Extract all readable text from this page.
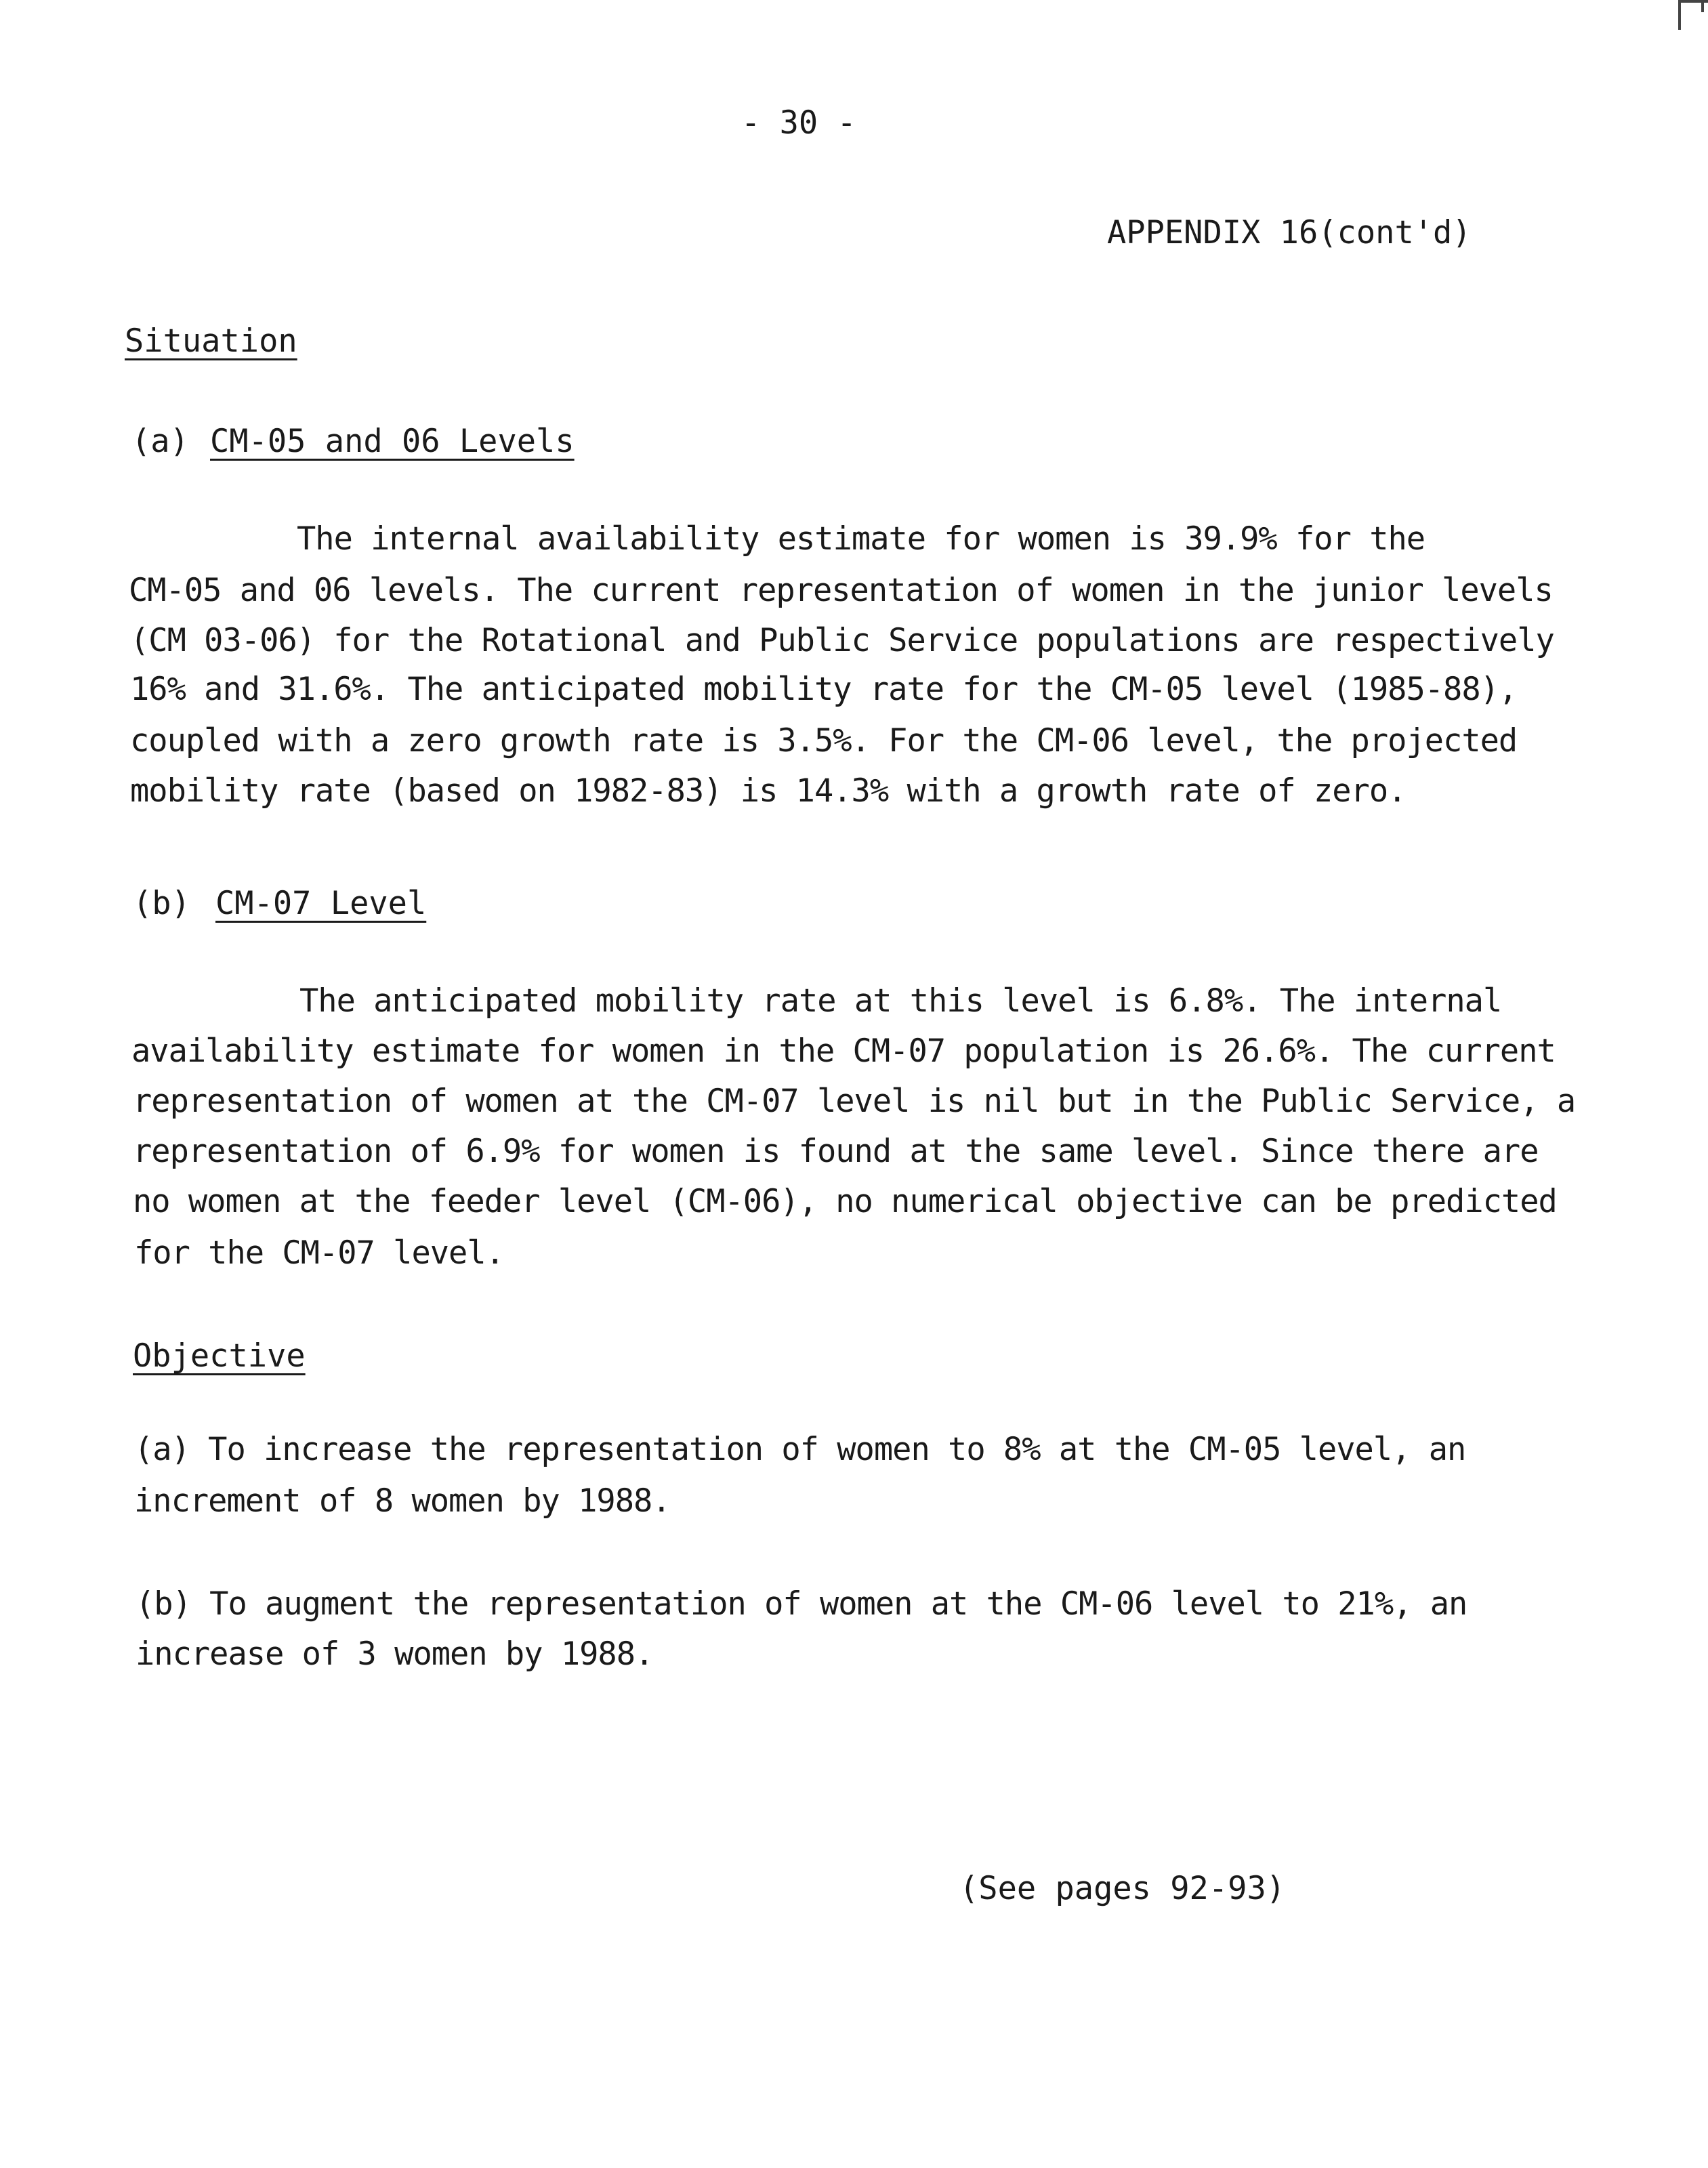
- 30 -
APPENDIX 16(cont'd)
Situation
(a) CM-05 and 06 Levels
The internal availability estimate for women is 39.9% for the
CM-05 and 06 levels. The current representation of women in the junior levels
(CM 03-06) for the Rotational and Public Service populations are respectively
16% and 31.6%. The anticipated mobility rate for the CM-05 level (1985-88),
coupled with a zero growth rate is 3.5%. For the CM-06 level, the projected
mobility rate (based on 1982-83) is 14.3% with a growth rate of zero.
(b) CM-07 Level
The anticipated mobility rate at this level is 6.8%. The internal
availability estimate for women in the CM-07 population is 26.6%. The current
representation of women at the CM-07 level is nil but in the Public Service, a
representation of 6.9% for women is found at the same level. Since there are
no women at the feeder level (CM-06), no numerical objective can be predicted
for the CM-07 level.
Objective
(a) To increase the representation of women to 8% at the CM-05 level, an
increment of 8 women by 1988.
(b) To augment the representation of women at the CM-06 level to 21%, an
increase of 3 women by 1988.
(See pages 92-93)
